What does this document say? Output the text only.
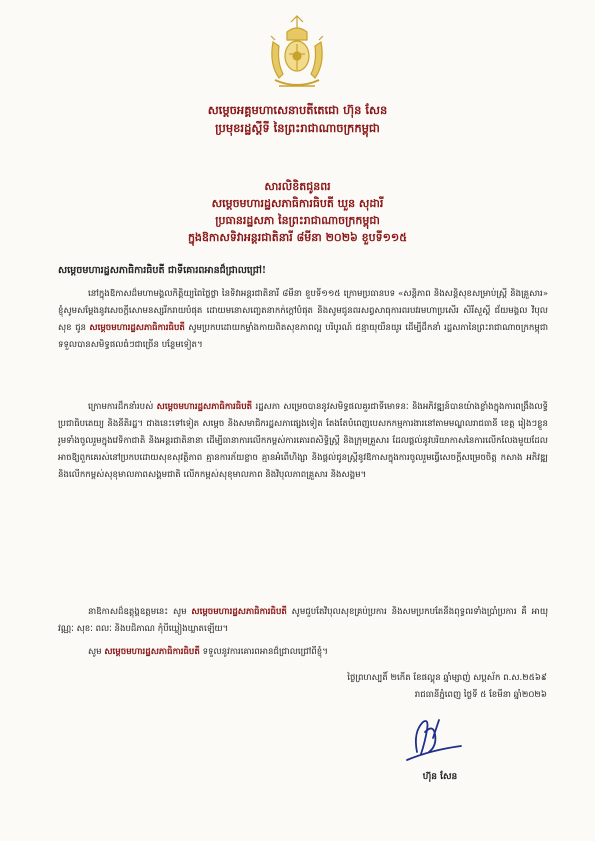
សម្ដេចអគ្គមហាសេនាបតីតេជោ ហ៊ុន សែន
ប្រមុខរដ្ឋស្ដីទី នៃព្រះរាជាណាចក្រកម្ពុជា
សារលិខិតជូនពរ
សម្ដេចមហារដ្ឋសភាធិការធិបតី ឃួន សុដារី
ប្រធានរដ្ឋសភា នៃព្រះរាជាណាចក្រកម្ពុជា
ក្នុងឱកាសទិវាអន្តរជាតិនារី ៨មីនា ២០២៦ ខួបទី១១៥
សម្ដេចមហារដ្ឋសភាធិការធិបតី ជាទីគោរពអានជ៏ជ្រាលជ្រៅ!
នៅក្នុងឱកាសដ៏មហាមង្គលកិត្តិយ្យពៃថ្លៃថ្លា នៃទិវាអន្តរជាតិនារី ៨មីនា ខួបទី១១៥ ក្រោមប្រធានបទ «សន្តិភាព និងសន្តិសុខសម្រាប់ស្ត្រី និងគ្រួសារ» ខ្ញុំសូមសម្ដែងនូវសេចក្ដីសោមនស្សរីករាយបំផុត ដោយមនោសញ្ចេតនាកក់ក្ដៅបំផុត និងសូមជូនពរសព្វសាធុការពរបវរមហាប្រសើរ សិរីសួស្ដី ជ័យមង្គល វិបុលសុខ ជូន សម្ដេចមហារដ្ឋសភាធិការធិបតី សូមប្រកបដោយកម្លាំងកាយពិតសុខភាពល្អ បរិបូរណ៍ ជន្មាយុយឺនយូរ ដើម្បីដឹកនាំ រដ្ឋសភានៃព្រះរាជាណាចក្រកម្ពុជា ទទួលបានសមិទ្ធផលធំៗជាច្រើន បន្ថែមទៀត។
ក្រោមការដឹកនាំរបស់ សម្ដេចមហារដ្ឋសភាធិការធិបតី រដ្ឋសភា សម្រេចបាននូវសមិទ្ធផលគួរជាទីមោទនៈ និងអភិវឌ្ឍន៍បានយ៉ាងខ្លាំងក្នុងការពង្រឹងលទ្ធិប្រជាធិបតេយ្យ និងនីតិរដ្ឋ។ ជាងនេះទៅទៀត សម្ដេច និងសមាជិករដ្ឋសភាផ្សេងទៀត តែងតែបំពេញបេសកកម្មការងារនៅតាមមណ្ឌលរាជធានី ខេត្ត រៀងៗខ្លួន រួមទាំងចូលរួមក្នុងវេទិកាជាតិ និងអន្តរជាតិនានា ដើម្បីធានាការលើកកម្ពស់ការគោរពសិទ្ធិស្ត្រី និងក្រុមគ្រួសារ ដែលផ្ដល់នូវបរិយាកាសនៃការលើកលែងមួយដែលអាចឱ្យពួកគេរស់នៅប្រកបដោយសុខសុវត្ថិភាព គ្មានការភ័យខ្លាច គ្មានអំពើហិង្សា និងផ្ដល់ជូនស្ត្រីនូវឱកាសក្នុងការចូលរួមធ្វើសេចក្ដីសម្រេចចិត្ត កសាង អភិវឌ្ឍ និងលើកកម្ពស់សុខុមាលភាពសង្គមជាតិ លើកកម្ពស់សុខុមាលភាព និងវិបុលភាពគ្រួសារ និងសង្គម។
នាឱកាសដ៏ឧត្ដុង្គឧត្ដមនេះ សូម សម្ដេចមហារដ្ឋសភាធិការធិបតី សូមជួបតែវិបុលសុខគ្រប់ប្រការ និងសមប្រកបតែនឹងពុទ្ធពរទាំងប្រាំប្រការ គឺ អាយុ វណ្ណៈ សុខៈ ពលៈ និងបដិភាណ កុំបីឃ្លៀងឃ្លាតឡើយ។
សូម សម្ដេចមហារដ្ឋសភាធិការធិបតី ទទួលនូវការគោរពអានជ៏ជ្រាលជ្រៅពីខ្ញុំ។
ថ្ងៃព្រហស្បតិ៍ ២កើត ខែផល្គុន ឆ្នាំម្សាញ់ សប្ដស័ក ព.ស.២៥៦៩
រាជធានីភ្នំពេញ ថ្ងៃទី ៥ ខែមីនា ឆ្នាំ២០២៦
ហ៊ុន សែន
